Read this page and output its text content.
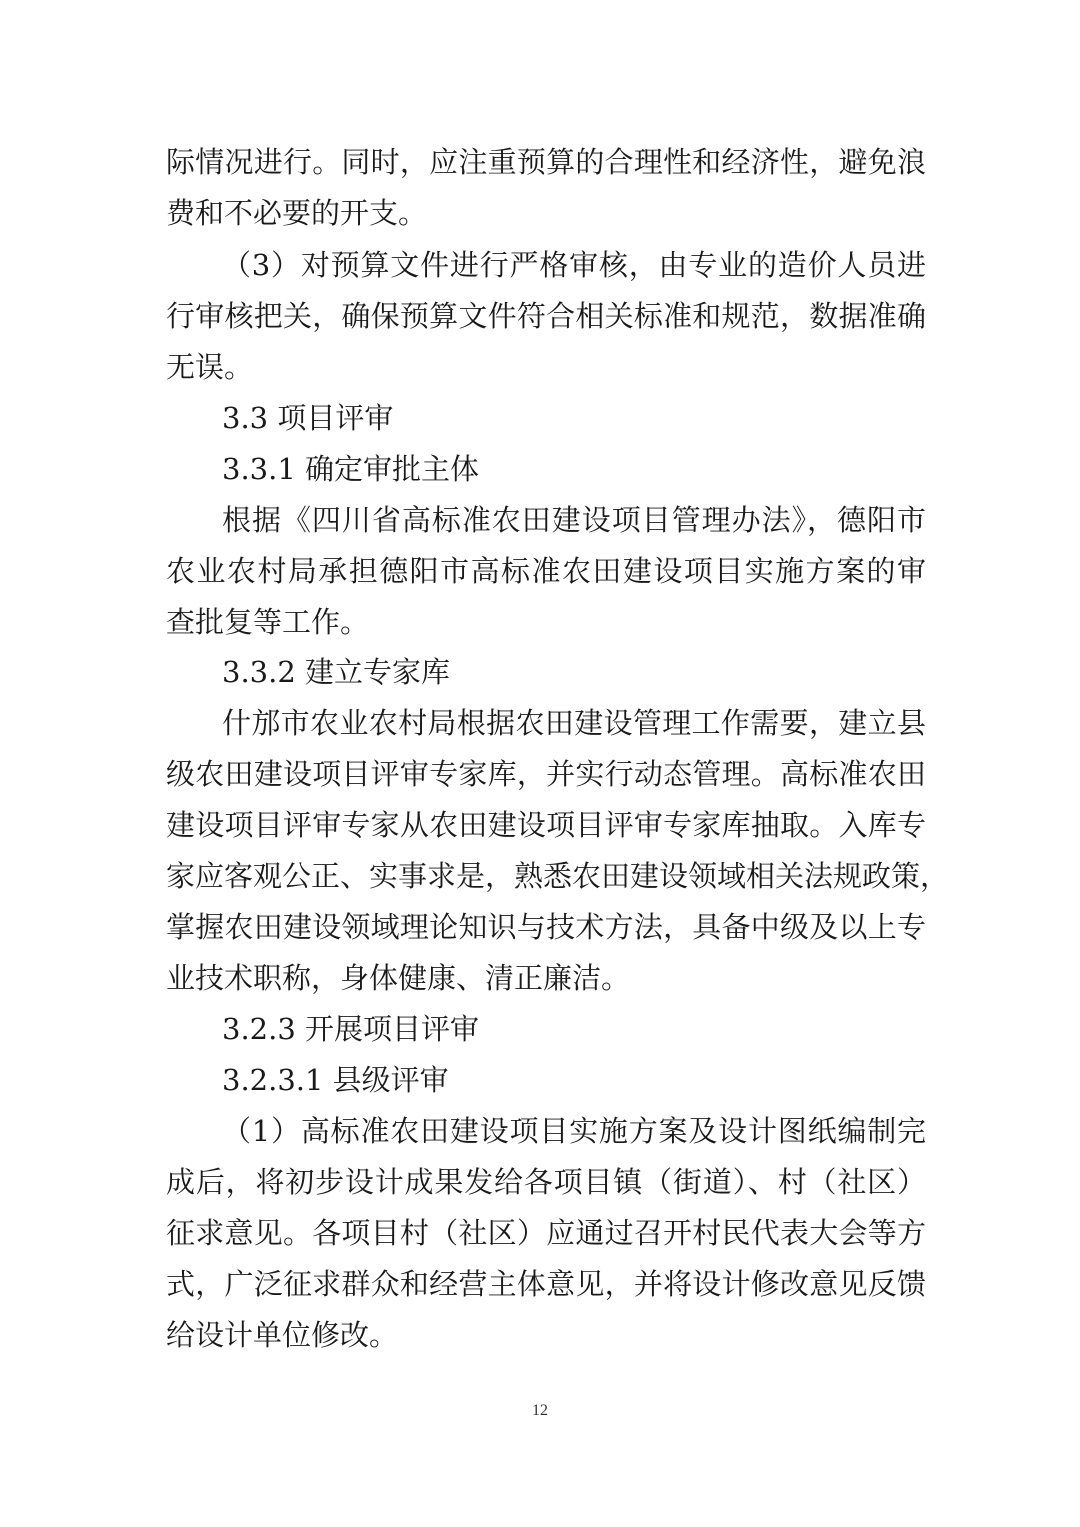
际情况进行。同时，应注重预算的合理性和经济性，避免浪

费和不必要的开支。

（3）对预算文件进行严格审核，由专业的造价人员进

行审核把关，确保预算文件符合相关标准和规范，数据准确

无误。

3.3 项目评审

3.3.1 确定审批主体

根据《四川省高标准农田建设项目管理办法》，德阳市

农业农村局承担德阳市高标准农田建设项目实施方案的审

查批复等工作。

3.3.2 建立专家库

什邡市农业农村局根据农田建设管理工作需要，建立县

级农田建设项目评审专家库，并实行动态管理。高标准农田

建设项目评审专家从农田建设项目评审专家库抽取。入库专

家应客观公正、实事求是，熟悉农田建设领域相关法规政策，

掌握农田建设领域理论知识与技术方法，具备中级及以上专

业技术职称，身体健康、清正廉洁。

3.2.3 开展项目评审

3.2.3.1 县级评审

（1）高标准农田建设项目实施方案及设计图纸编制完

成后，将初步设计成果发给各项目镇（街道）、村（社区）

征求意见。各项目村（社区）应通过召开村民代表大会等方

式，广泛征求群众和经营主体意见，并将设计修改意见反馈

给设计单位修改。

12
